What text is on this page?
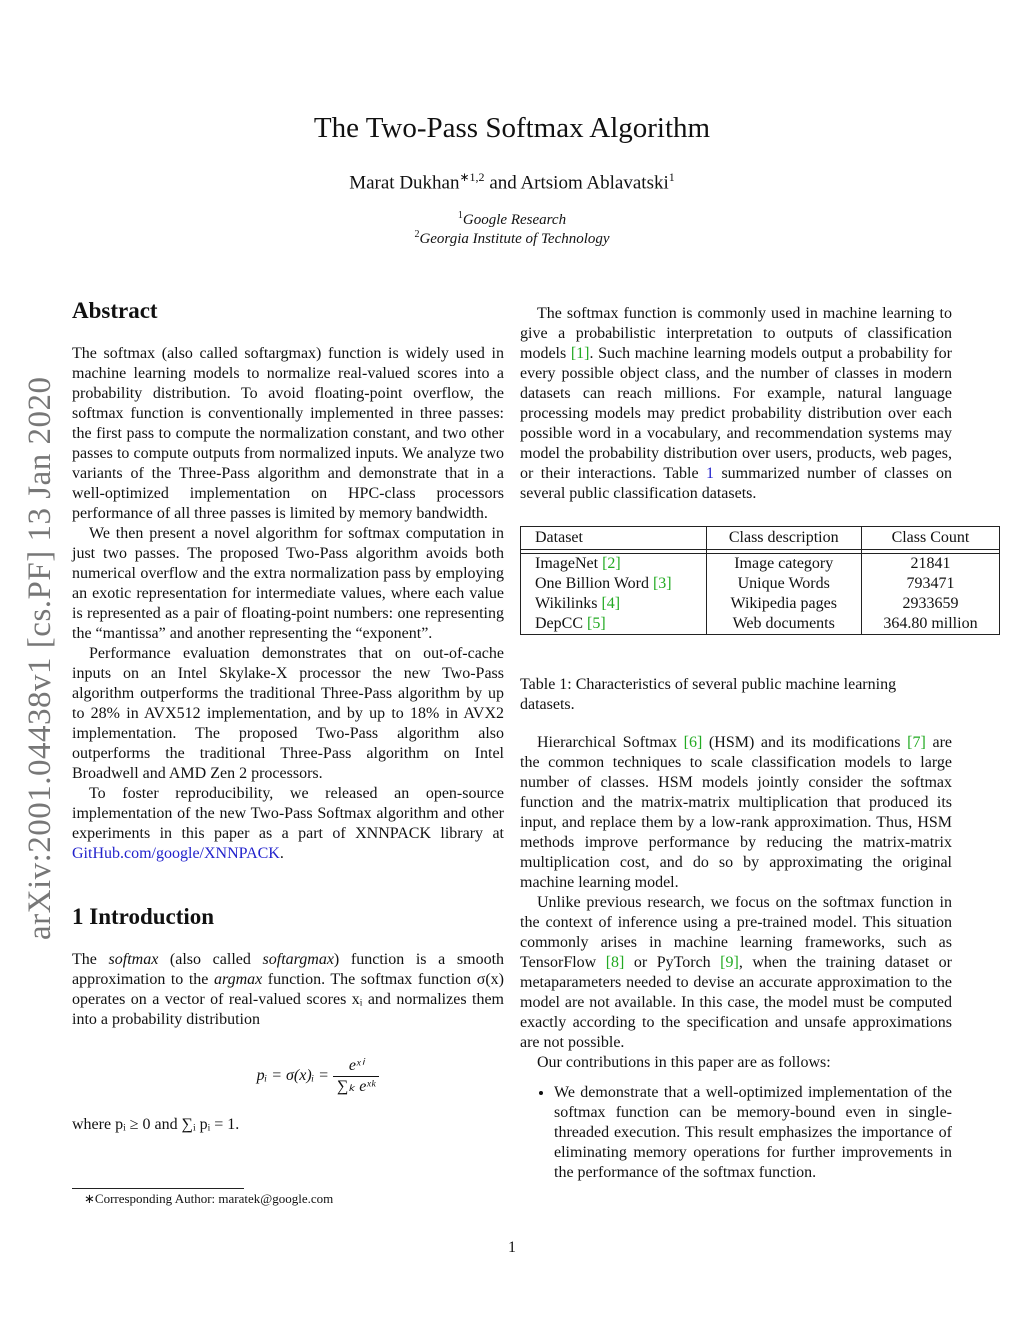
arXiv:2001.04438v1 [cs.PF] 13 Jan 2020
The Two-Pass Softmax Algorithm
Marat Dukhan$^{∗1,2}$ and Artsiom Ablavatski$^1$
$^1$Google Research
$^2$Georgia Institute of Technology
Abstract

The softmax (also called softargmax) function is widely used in machine learning models to normalize real-valued scores into a probability distribution. To avoid floating-point overflow, the softmax function is conventionally implemented in three passes: the first pass to compute the normalization constant, and two other passes to compute outputs from normalized inputs. We analyze two variants of the Three-Pass algorithm and demonstrate that in a well-optimized implementation on HPC-class processors performance of all three passes is limited by memory bandwidth.

We then present a novel algorithm for softmax computation in just two passes. The proposed Two-Pass algorithm avoids both numerical overflow and the extra normalization pass by employing an exotic representation for intermediate values, where each value is represented as a pair of floating-point numbers: one representing the “mantissa” and another representing the “exponent”.

Performance evaluation demonstrates that on out-of-cache inputs on an Intel Skylake-X processor the new Two-Pass algorithm outperforms the traditional Three-Pass algorithm by up to 28% in AVX512 implementation, and by up to 18% in AVX2 implementation. The proposed Two-Pass algorithm also outperforms the traditional Three-Pass algorithm on Intel Broadwell and AMD Zen 2 processors.

To foster reproducibility, we released an open-source implementation of the new Two-Pass Softmax algorithm and other experiments in this paper as a part of XNNPACK library at GitHub.com/google/XNNPACK.

1 Introduction

The softmax (also called softargmax) function is a smooth approximation to the argmax function. The softmax function σ(x) operates on a vector of real-valued scores xᵢ and normalizes them into a probability distribution

pᵢ = σ(x)ᵢ = $\frac{\text{eˣⁱ}}{\text{∑ₖ eˣᵏ}}$

where pᵢ ≥ 0 and ∑ᵢ pᵢ = 1.

The softmax function is commonly used in machine learning to give a probabilistic interpretation to outputs of classification models [1]. Such machine learning models output a probability for every possible object class, and the number of classes in modern datasets can reach millions. For example, natural language processing models may predict probability distribution over each possible word in a vocabulary, and recommendation systems may model the probability distribution over users, products, web pages, or their interactions. Table 1 summarized number of classes on several public classification datasets.

Dataset	Class description	Class Count

ImageNet [2]	Image category	21841
One Billion Word [3]	Unique Words	793471
Wikilinks [4]	Wikipedia pages	2933659
DepCC [5]	Web documents	364.80 million

Table 1: Characteristics of several public machine learning datasets.

Hierarchical Softmax [6] (HSM) and its modifications [7] are the common techniques to scale classification models to large number of classes. HSM models jointly consider the softmax function and the matrix-matrix multiplication that produced its input, and replace them by a low-rank approximation. Thus, HSM methods improve performance by reducing the matrix-matrix multiplication cost, and do so by approximating the original machine learning model.

Unlike previous research, we focus on the softmax function in the context of inference using a pre-trained model. This situation commonly arises in machine learning frameworks, such as TensorFlow [8] or PyTorch [9], when the training dataset or metaparameters needed to devise an accurate approximation to the model are not available. In this case, the model must be computed exactly according to the specification and unsafe approximations are not possible.

Our contributions in this paper are as follows:

• We demonstrate that a well-optimized implementation of the softmax function can be memory-bound even in single-threaded execution. This result emphasizes the importance of eliminating memory operations for further improvements in the performance of the softmax function.
∗Corresponding Author: maratek@google.com
1
